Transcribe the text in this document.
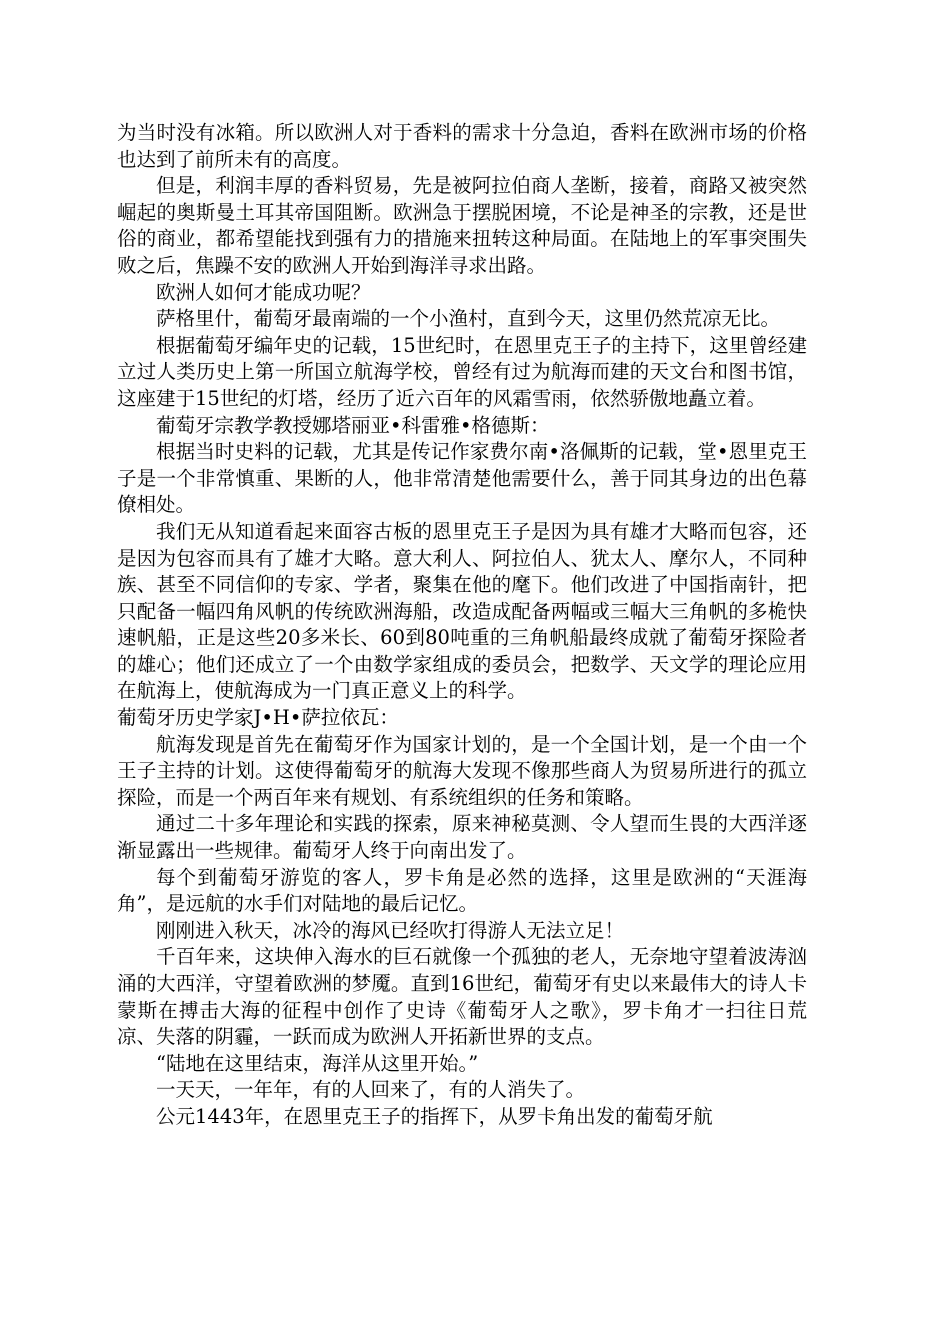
为当时没有冰箱。所以欧洲人对于香料的需求十分急迫，香料在欧洲市场的价格也达到了前所未有的高度。

但是，利润丰厚的香料贸易，先是被阿拉伯商人垄断，接着，商路又被突然崛起的奥斯曼土耳其帝国阻断。欧洲急于摆脱困境，不论是神圣的宗教，还是世俗的商业，都希望能找到强有力的措施来扭转这种局面。在陆地上的军事突围失败之后，焦躁不安的欧洲人开始到海洋寻求出路。

欧洲人如何才能成功呢？

萨格里什，葡萄牙最南端的一个小渔村，直到今天，这里仍然荒凉无比。

根据葡萄牙编年史的记载，15世纪时，在恩里克王子的主持下，这里曾经建立过人类历史上第一所国立航海学校，曾经有过为航海而建的天文台和图书馆，这座建于15世纪的灯塔，经历了近六百年的风霜雪雨，依然骄傲地矗立着。

葡萄牙宗教学教授娜塔丽亚•科雷雅•格德斯：

根据当时史料的记载，尤其是传记作家费尔南•洛佩斯的记载，堂•恩里克王子是一个非常慎重、果断的人，他非常清楚他需要什么，善于同其身边的出色幕僚相处。

我们无从知道看起来面容古板的恩里克王子是因为具有雄才大略而包容，还是因为包容而具有了雄才大略。意大利人、阿拉伯人、犹太人、摩尔人，不同种族、甚至不同信仰的专家、学者，聚集在他的麾下。他们改进了中国指南针，把只配备一幅四角风帆的传统欧洲海船，改造成配备两幅或三幅大三角帆的多桅快速帆船，正是这些20多米长、60到80吨重的三角帆船最终成就了葡萄牙探险者的雄心；他们还成立了一个由数学家组成的委员会，把数学、天文学的理论应用在航海上，使航海成为一门真正意义上的科学。

葡萄牙历史学家J•H•萨拉依瓦：

航海发现是首先在葡萄牙作为国家计划的，是一个全国计划，是一个由一个王子主持的计划。这使得葡萄牙的航海大发现不像那些商人为贸易所进行的孤立探险，而是一个两百年来有规划、有系统组织的任务和策略。

通过二十多年理论和实践的探索，原来神秘莫测、令人望而生畏的大西洋逐渐显露出一些规律。葡萄牙人终于向南出发了。

每个到葡萄牙游览的客人，罗卡角是必然的选择，这里是欧洲的“天涯海角”，是远航的水手们对陆地的最后记忆。

刚刚进入秋天，冰冷的海风已经吹打得游人无法立足！

千百年来，这块伸入海水的巨石就像一个孤独的老人，无奈地守望着波涛汹涌的大西洋，守望着欧洲的梦魇。直到16世纪，葡萄牙有史以来最伟大的诗人卡蒙斯在搏击大海的征程中创作了史诗《葡萄牙人之歌》，罗卡角才一扫往日荒凉、失落的阴霾，一跃而成为欧洲人开拓新世界的支点。

“陆地在这里结束，海洋从这里开始。”

一天天，一年年，有的人回来了，有的人消失了。

公元1443年，在恩里克王子的指挥下，从罗卡角出发的葡萄牙航
